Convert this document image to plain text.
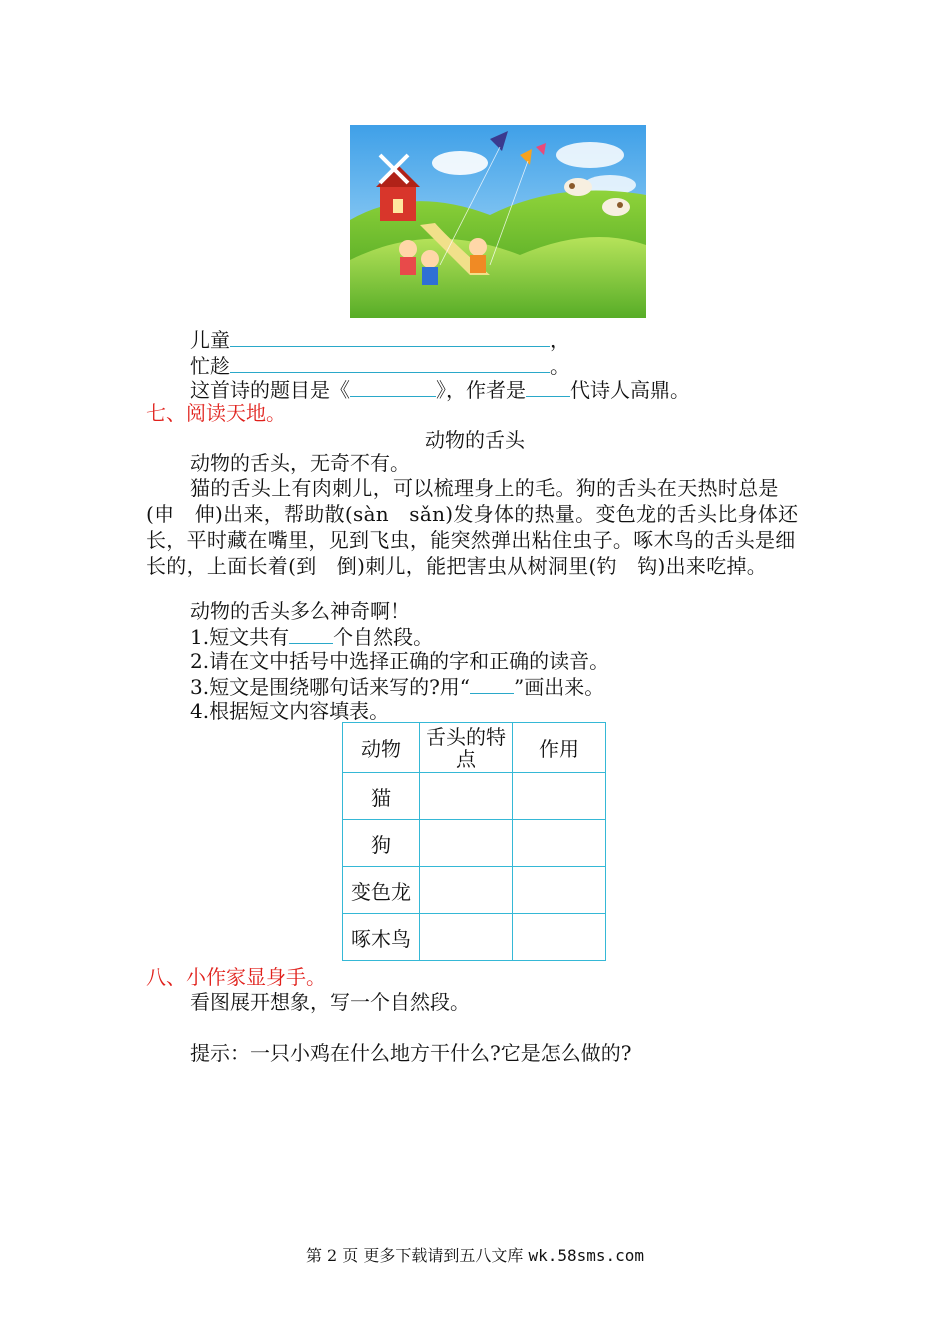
儿童	，
忙趁	。
这首诗的题目是《	》，作者是 代诗人高鼎。
七、阅读天地。
动物的舌头
动物的舌头，无奇不有。
猫的舌头上有肉刺儿，可以梳理身上的毛。狗的舌头在天热时总是(申　伸)出来，帮助散(sàn　sǎn)发身体的热量。变色龙的舌头比身体还长，平时藏在嘴里，见到飞虫，能突然弹出粘住虫子。啄木鸟的舌头是细长的，上面长着(到　倒)刺儿，能把害虫从树洞里(钓　钩)出来吃掉。
动物的舌头多么神奇啊！
1.短文共有 个自然段。
2.请在文中括号中选择正确的字和正确的读音。
3.短文是围绕哪句话来写的?用“ ”画出来。
4.根据短文内容填表。
动物	舌头的特点	作用
猫		
狗		
变色龙		
啄木鸟		
八、小作家显身手。
看图展开想象，写一个自然段。
提示：一只小鸡在什么地方干什么?它是怎么做的?
第 2 页 更多下载请到五八文库 wk.58sms.com
